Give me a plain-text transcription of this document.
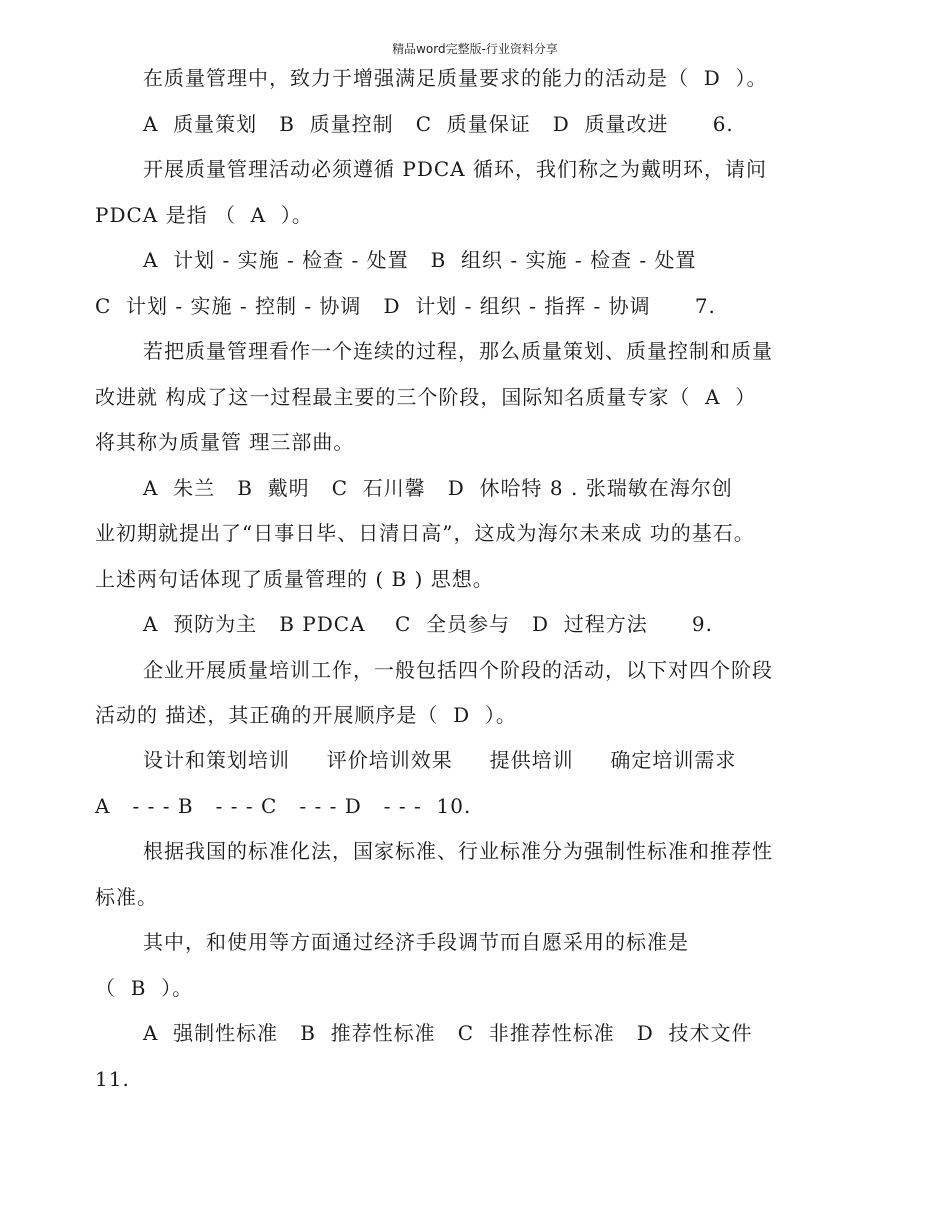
精品word完整版-行业资料分享
在质量管理中，致力于增强满足质量要求的能力的活动是（  D  ）。
A  质量策划   B  质量控制   C  质量保证   D  质量改进      6.
开展质量管理活动必须遵循 PDCA 循环，我们称之为戴明环，请问
PDCA 是指 （  A  ）。
A  计划 - 实施 - 检查 - 处置   B  组织 - 实施 - 检查 - 处置
C  计划 - 实施 - 控制 - 协调   D  计划 - 组织 - 指挥 - 协调      7.
若把质量管理看作一个连续的过程，那么质量策划、质量控制和质量
改进就 构成了这一过程最主要的三个阶段，国际知名质量专家（  A  ）
将其称为质量管 理三部曲。
A  朱兰   B  戴明   C  石川馨   D  休哈特 8 . 张瑞敏在海尔创
业初期就提出了“日事日毕、日清日高”，这成为海尔未来成 功的基石。
上述两句话体现了质量管理的 ( B ) 思想。
A  预防为主   B PDCA    C  全员参与   D  过程方法      9.
企业开展质量培训工作，一般包括四个阶段的活动，以下对四个阶段
活动的 描述，其正确的开展顺序是（  D  ）。
设计和策划培训     评价培训效果     提供培训     确定培训需求
A   - - - B   - - - C   - - - D   - - -  10.
根据我国的标准化法，国家标准、行业标准分为强制性标准和推荐性
标准。
其中，和使用等方面通过经济手段调节而自愿采用的标准是
（  B  ）。
A  强制性标准   B  推荐性标准   C  非推荐性标准   D  技术文件
11.
